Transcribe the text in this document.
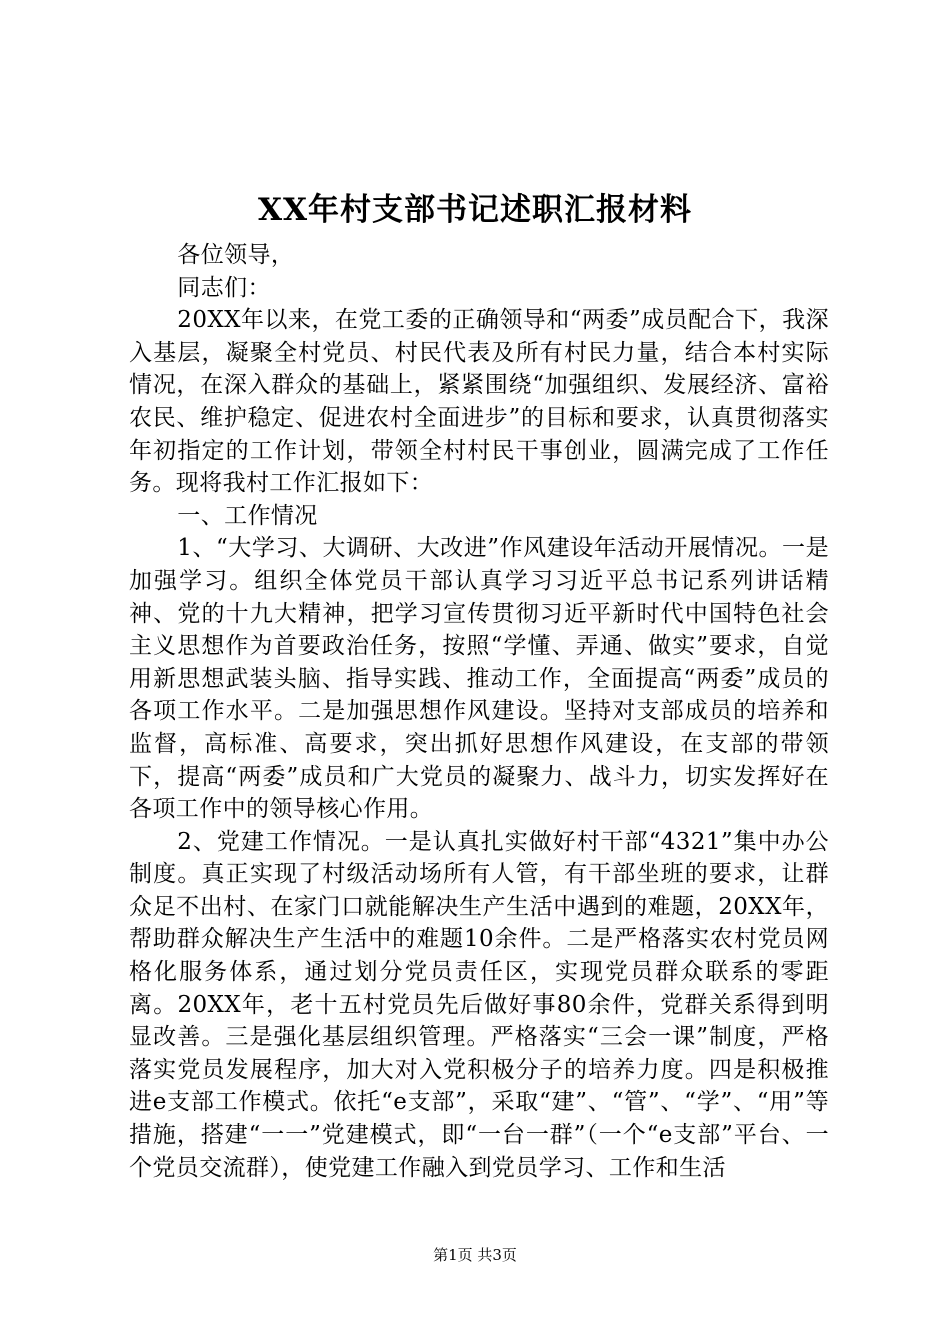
XX年村支部书记述职汇报材料

各位领导，

同志们：

20XX年以来，在党工委的正确领导和“两委”成员配合下，我深入基层，凝聚全村党员、村民代表及所有村民力量，结合本村实际情况，在深入群众的基础上，紧紧围绕“加强组织、发展经济、富裕农民、维护稳定、促进农村全面进步”的目标和要求，认真贯彻落实年初指定的工作计划，带领全村村民干事创业，圆满完成了工作任务。现将我村工作汇报如下：

一、工作情况

1、“大学习、大调研、大改进”作风建设年活动开展情况。一是加强学习。组织全体党员干部认真学习习近平总书记系列讲话精神、党的十九大精神，把学习宣传贯彻习近平新时代中国特色社会主义思想作为首要政治任务，按照“学懂、弄通、做实”要求，自觉用新思想武装头脑、指导实践、推动工作，全面提高“两委”成员的各项工作水平。二是加强思想作风建设。坚持对支部成员的培养和监督，高标准、高要求，突出抓好思想作风建设，在支部的带领下，提高“两委”成员和广大党员的凝聚力、战斗力，切实发挥好在各项工作中的领导核心作用。

2、党建工作情况。一是认真扎实做好村干部“4321”集中办公制度。真正实现了村级活动场所有人管，有干部坐班的要求，让群众足不出村、在家门口就能解决生产生活中遇到的难题，20XX年，帮助群众解决生产生活中的难题10余件。二是严格落实农村党员网格化服务体系，通过划分党员责任区，实现党员群众联系的零距离。20XX年，老十五村党员先后做好事80余件，党群关系得到明显改善。三是强化基层组织管理。严格落实“三会一课”制度，严格落实党员发展程序，加大对入党积极分子的培养力度。四是积极推进e支部工作模式。依托“e支部”，采取“建”、“管”、“学”、“用”等措施，搭建“一一”党建模式，即“一台一群”（一个“e支部”平台、一个党员交流群），使党建工作融入到党员学习、工作和生活

第1页 共3页
